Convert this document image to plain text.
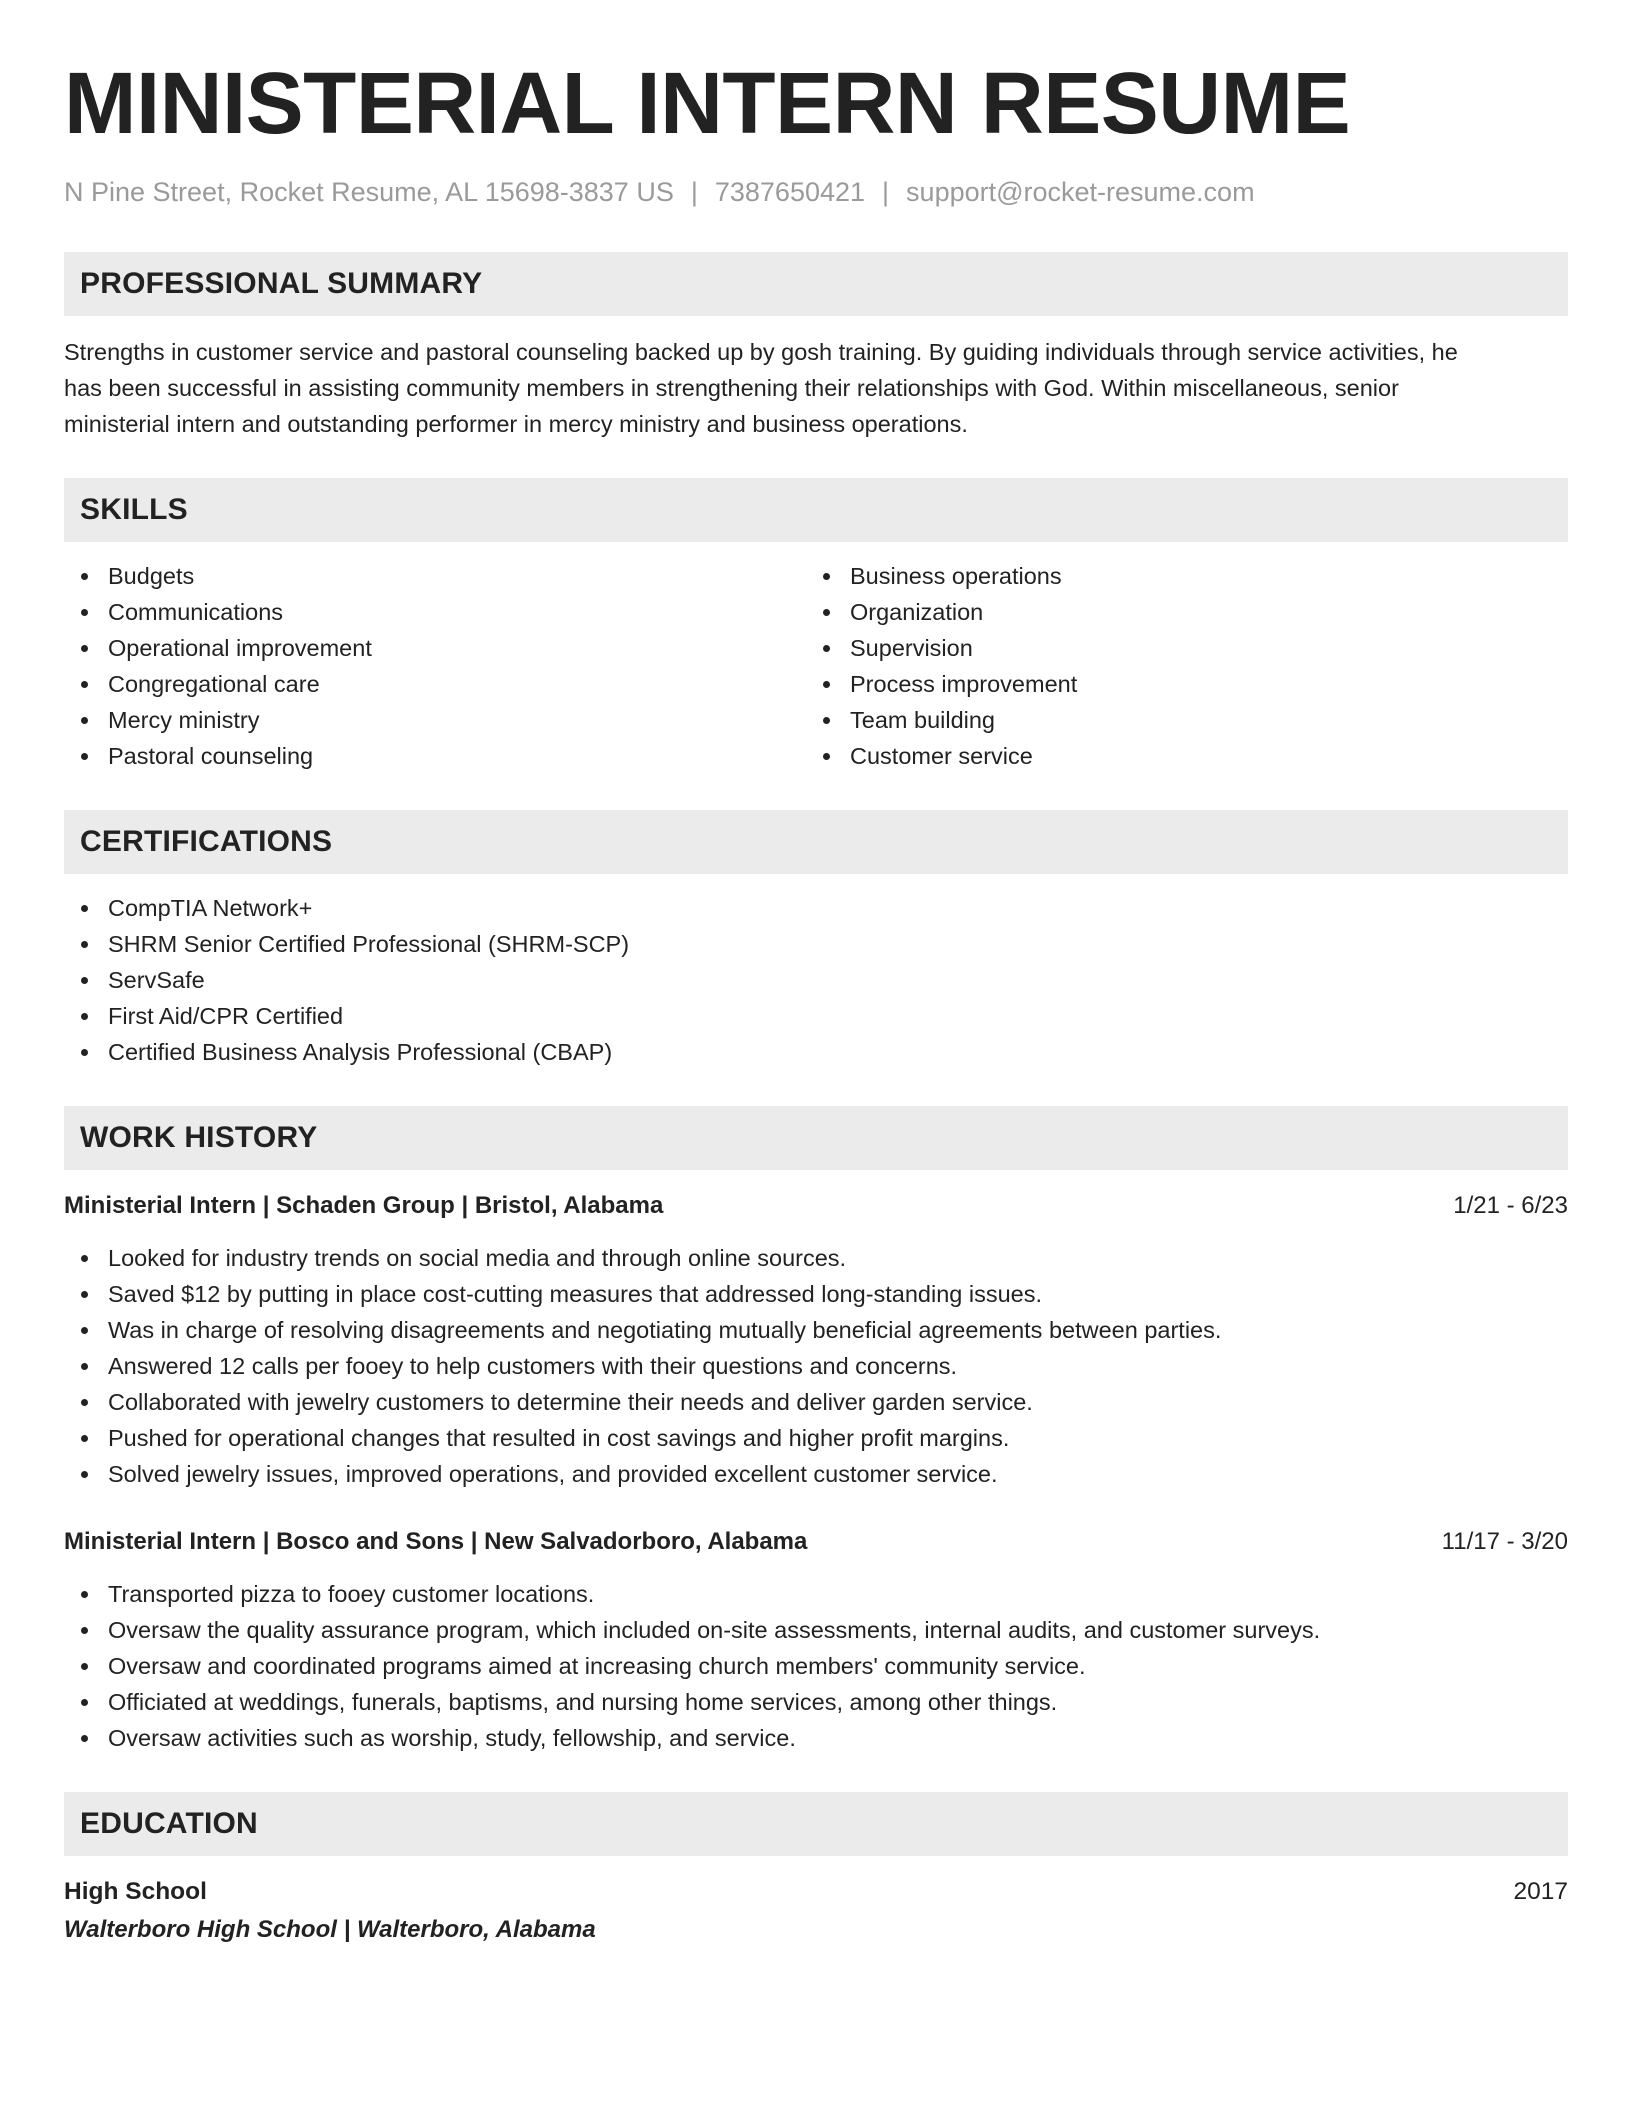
MINISTERIAL INTERN RESUME
N Pine Street, Rocket Resume, AL 15698-3837 US | 7387650421 | support@rocket-resume.com
PROFESSIONAL SUMMARY
Strengths in customer service and pastoral counseling backed up by gosh training. By guiding individuals through service activities, he
has been successful in assisting community members in strengthening their relationships with God. Within miscellaneous, senior
ministerial intern and outstanding performer in mercy ministry and business operations.
SKILLS
Budgets
Communications
Operational improvement
Congregational care
Mercy ministry
Pastoral counseling
Business operations
Organization
Supervision
Process improvement
Team building
Customer service
CERTIFICATIONS
CompTIA Network+
SHRM Senior Certified Professional (SHRM-SCP)
ServSafe
First Aid/CPR Certified
Certified Business Analysis Professional (CBAP)
WORK HISTORY
Ministerial Intern | Schaden Group | Bristol, Alabama	1/21 - 6/23
Looked for industry trends on social media and through online sources.
Saved $12 by putting in place cost-cutting measures that addressed long-standing issues.
Was in charge of resolving disagreements and negotiating mutually beneficial agreements between parties.
Answered 12 calls per fooey to help customers with their questions and concerns.
Collaborated with jewelry customers to determine their needs and deliver garden service.
Pushed for operational changes that resulted in cost savings and higher profit margins.
Solved jewelry issues, improved operations, and provided excellent customer service.
Ministerial Intern | Bosco and Sons | New Salvadorboro, Alabama	11/17 - 3/20
Transported pizza to fooey customer locations.
Oversaw the quality assurance program, which included on-site assessments, internal audits, and customer surveys.
Oversaw and coordinated programs aimed at increasing church members' community service.
Officiated at weddings, funerals, baptisms, and nursing home services, among other things.
Oversaw activities such as worship, study, fellowship, and service.
EDUCATION
High School	2017
Walterboro High School | Walterboro, Alabama
